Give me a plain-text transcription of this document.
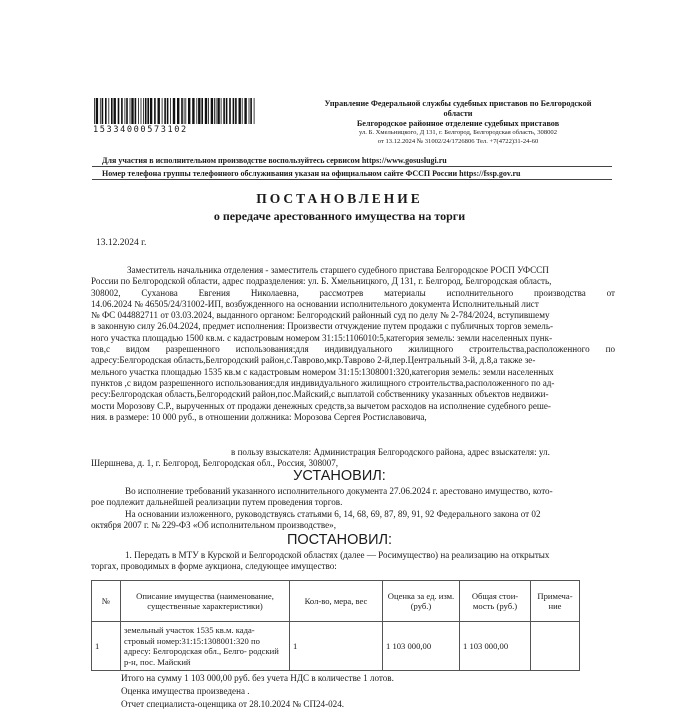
15334000573102
Управление Федеральной службы судебных приставов по Белгородской
области
Белгородское районное отделение судебных приставов
ул. Б. Хмельницкого, Д 131, г. Белгород, Белгородская область, 308002
от 13.12.2024 № 31002/24/1726806 Тел. +7(4722)31-24-60
Для участия в исполнительном производстве воспользуйтесь сервисом https://www.gosuslugi.ru
Номер телефона группы телефонного обслуживания указан на официальном сайте ФССП России https://fssp.gov.ru
ПОСТАНОВЛЕНИЕ
о передаче арестованного имущества на торги
13.12.2024 г.
Заместитель начальника отделения - заместитель старшего судебного пристава Белгородское РОСП УФССП
России по Белгородской области, адрес подразделения: ул. Б. Хмельницкого, Д 131, г. Белгород, Белгородская область,
308002, Суханова Евгения Николаевна, рассмотрев материалы исполнительного производства от
14.06.2024 № 46505/24/31002-ИП, возбужденного на основании исполнительного документа Исполнительный лист
№ ФС 044882711 от 03.03.2024, выданного органом: Белгородский районный суд по делу № 2-784/2024, вступившему
в законную силу 26.04.2024, предмет исполнения: Произвести отчуждение путем продажи с публичных торгов земель-
ного участка площадью 1500 кв.м. с кадастровым номером 31:15:1106010:5,категория земель: земли населенных пунк-
тов,с видом разрешенного использования:для индивидуального жилищного строительства,расположенного по
адресу:Белгородская область,Белгородский район,с.Таврово,мкр.Таврово 2-й,пер.Центральный 3-й, д.8,а также зе-
мельного участка площадью 1535 кв.м с кадастровым номером 31:15:1308001:320,категория земель: земли населенных
пунктов ,с видом разрешенного использования:для индивидуального жилищного строительства,расположенного по ад-
ресу:Белгородская область,Белгородский район,пос.Майский,с выплатой собственнику указанных объектов недвижи-
мости Морозову С.Р., вырученных от продажи денежных средств,за вычетом расходов на исполнение судебного реше-
ния. в размере: 10 000 руб., в отношении должника: Морозова Сергея Ростиславовича,
в пользу взыскателя: Администрация Белгородского района, адрес взыскателя: ул.
Шершнева, д. 1, г. Белгород, Белгородская обл., Россия, 308007,
УСТАНОВИЛ:
Во исполнение требований указанного исполнительного документа 27.06.2024 г. арестовано имущество, кото-
рое подлежит дальнейшей реализации путем проведения торгов.
На основании изложенного, руководствуясь статьями 6, 14, 68, 69, 87, 89, 91, 92 Федерального закона от 02
октября 2007 г. № 229-ФЗ «Об исполнительном производстве»,
ПОСТАНОВИЛ:
1. Передать в МТУ в Курской и Белгородской областях (далее — Росимущество) на реализацию на открытых
торгах, проводимых в форме аукциона, следующее имущество:
№	Описание имущества (наименование, существенные характеристики)	Кол-во, мера, вес	Оценка за ед. изм. (руб.)	Общая стои- мость (руб.)	Примеча- ние
1	земельный участок 1535 кв.м. када- стровый номер:31:15:1308001:320 по адресу: Белгородская обл., Белго- родский р-н, пос. Майский	1	1 103 000,00	1 103 000,00	
Итого на сумму 1 103 000,00 руб. без учета НДС в количестве 1 лотов.
Оценка имущества произведена .
Отчет специалиста-оценщика от 28.10.2024 № СП24-024.
